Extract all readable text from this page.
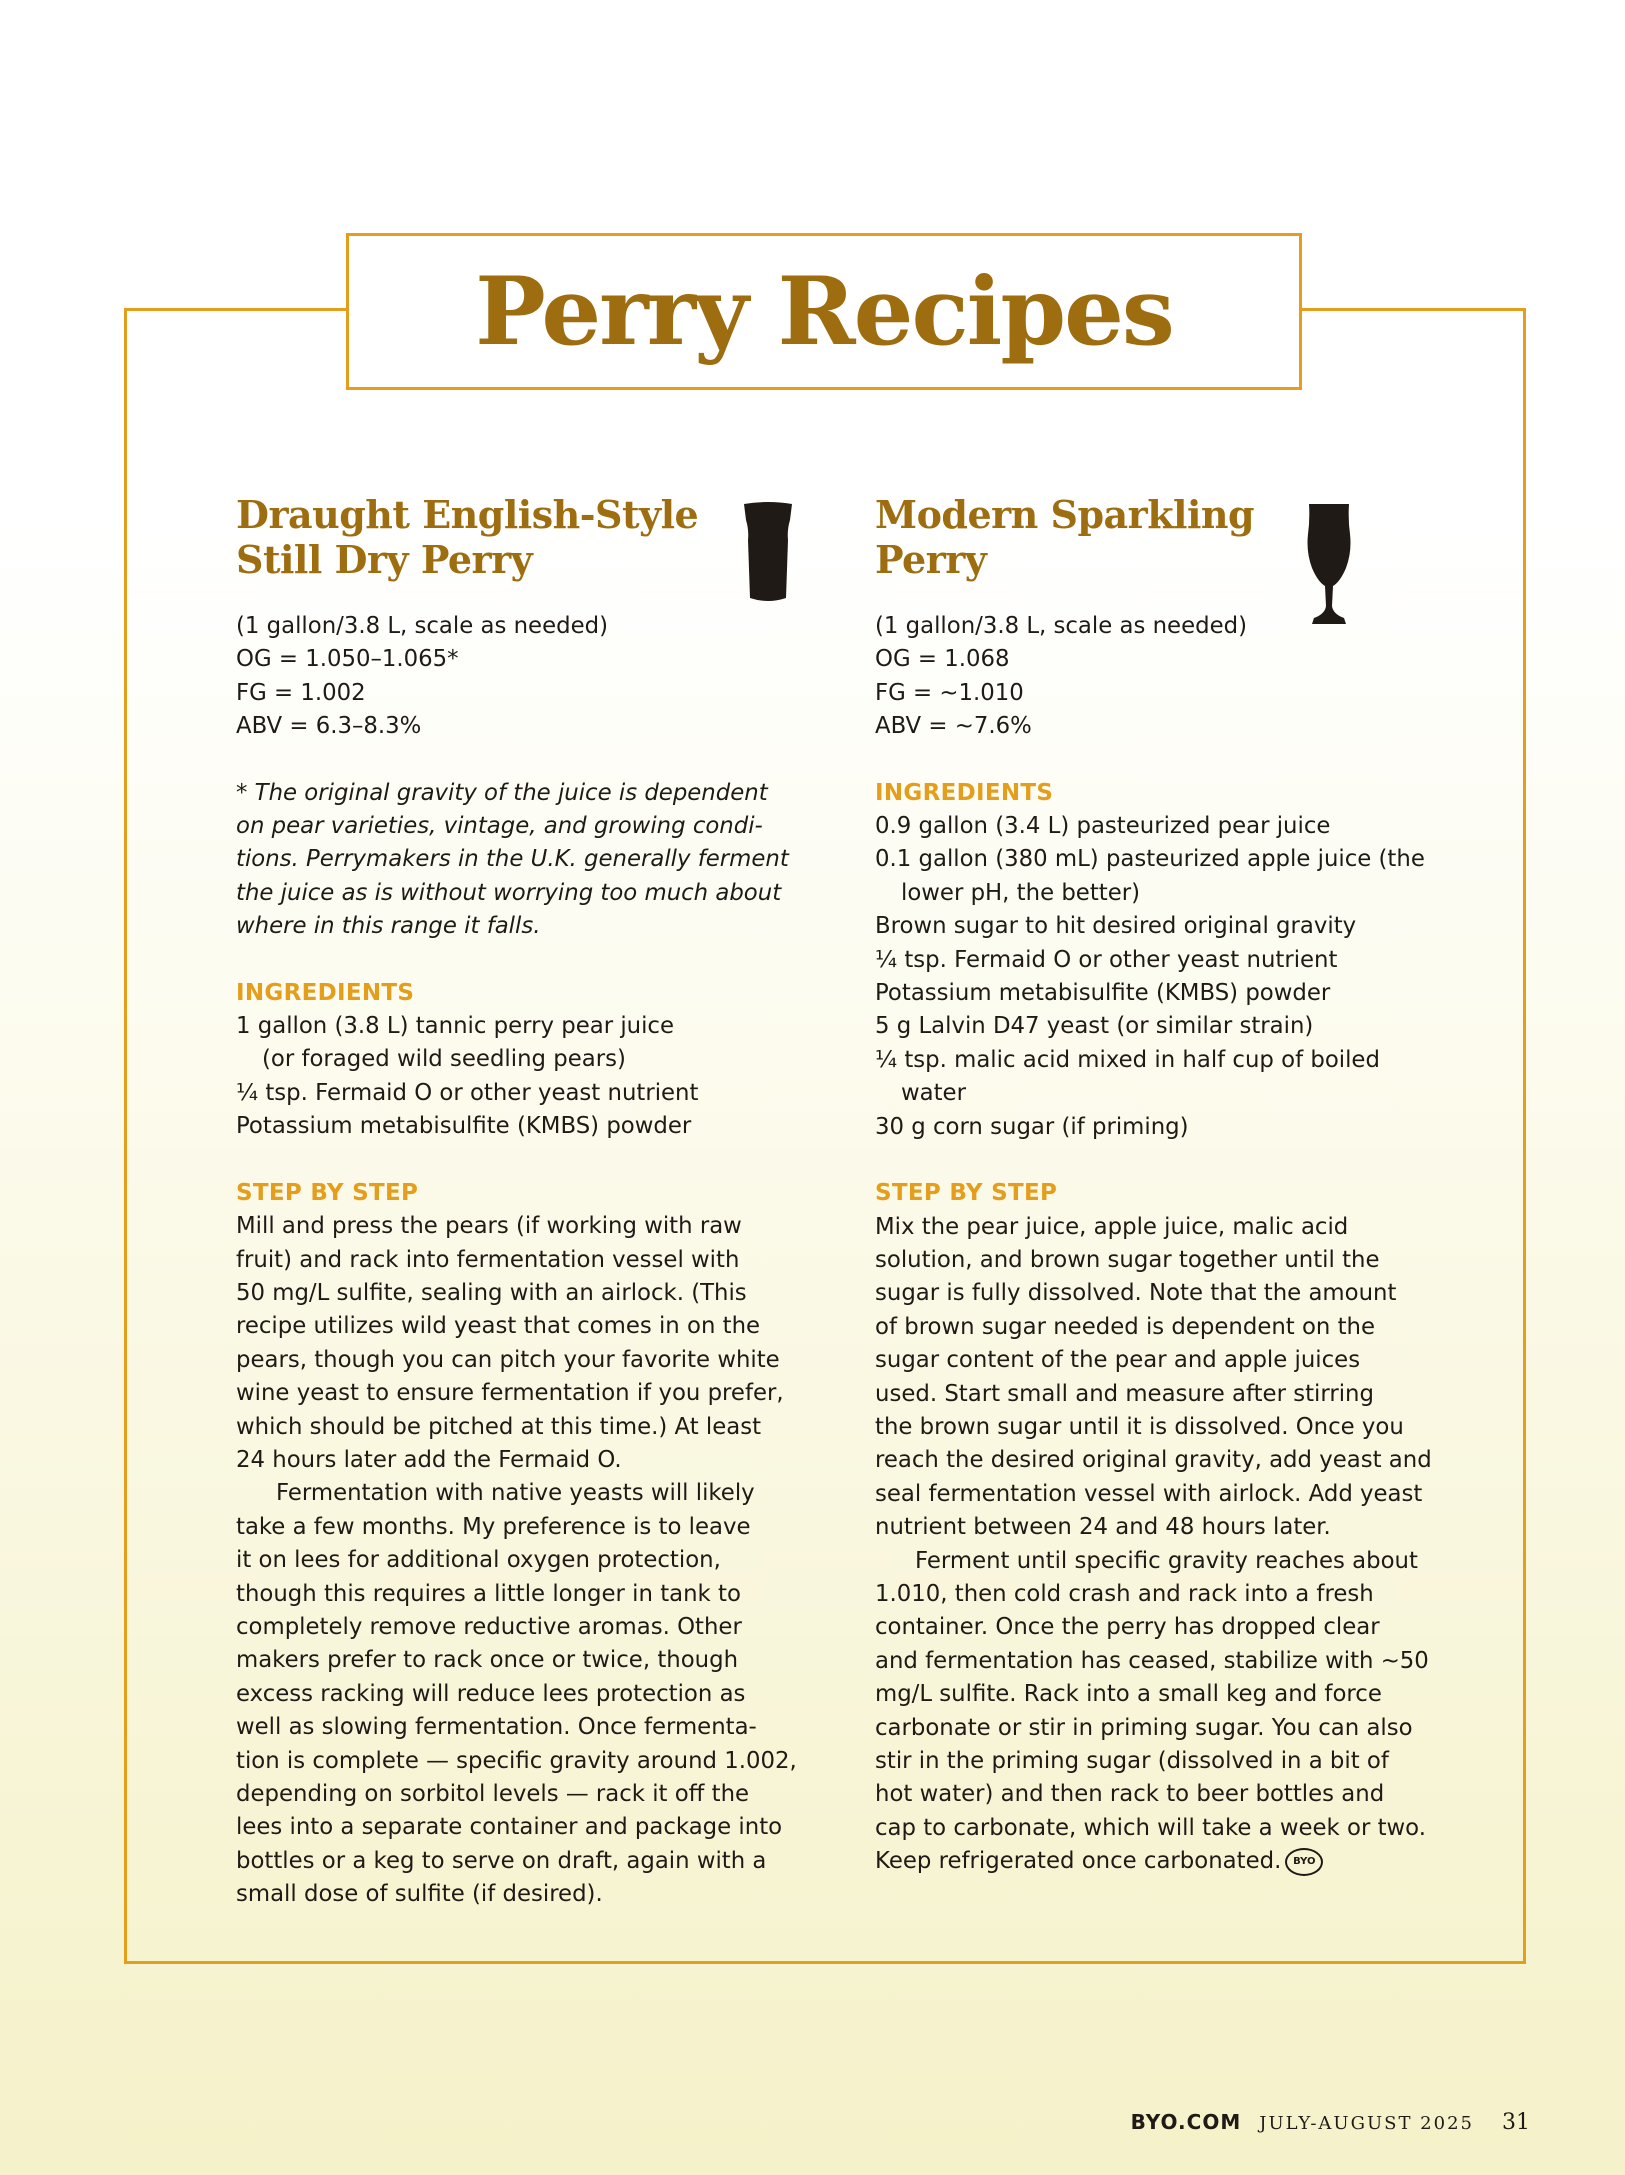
Perry Recipes
Draught English-Style
Still Dry Perry
(1 gallon/3.8 L, scale as needed)
OG = 1.050–1.065*
FG = 1.002
ABV = 6.3–8.3%
* The original gravity of the juice is dependent
on pear varieties, vintage, and growing condi-
tions. Perrymakers in the U.K. generally ferment
the juice as is without worrying too much about
where in this range it falls.
INGREDIENTS
1 gallon (3.8 L) tannic perry pear juice
(or foraged wild seedling pears)
¼ tsp. Fermaid O or other yeast nutrient
Potassium metabisulfite (KMBS) powder
STEP BY STEP
Mill and press the pears (if working with raw
fruit) and rack into fermentation vessel with
50 mg/L sulfite, sealing with an airlock. (This
recipe utilizes wild yeast that comes in on the
pears, though you can pitch your favorite white
wine yeast to ensure fermentation if you prefer,
which should be pitched at this time.) At least
24 hours later add the Fermaid O.
Fermentation with native yeasts will likely
take a few months. My preference is to leave
it on lees for additional oxygen protection,
though this requires a little longer in tank to
completely remove reductive aromas. Other
makers prefer to rack once or twice, though
excess racking will reduce lees protection as
well as slowing fermentation. Once fermenta-
tion is complete — specific gravity around 1.002,
depending on sorbitol levels — rack it off the
lees into a separate container and package into
bottles or a keg to serve on draft, again with a
small dose of sulfite (if desired).
Modern Sparkling
Perry
(1 gallon/3.8 L, scale as needed)
OG = 1.068
FG = ~1.010
ABV = ~7.6%
INGREDIENTS
0.9 gallon (3.4 L) pasteurized pear juice
0.1 gallon (380 mL) pasteurized apple juice (the
lower pH, the better)
Brown sugar to hit desired original gravity
¼ tsp. Fermaid O or other yeast nutrient
Potassium metabisulfite (KMBS) powder
5 g Lalvin D47 yeast (or similar strain)
¼ tsp. malic acid mixed in half cup of boiled
water
30 g corn sugar (if priming)
STEP BY STEP
Mix the pear juice, apple juice, malic acid
solution, and brown sugar together until the
sugar is fully dissolved. Note that the amount
of brown sugar needed is dependent on the
sugar content of the pear and apple juices
used. Start small and measure after stirring
the brown sugar until it is dissolved. Once you
reach the desired original gravity, add yeast and
seal fermentation vessel with airlock. Add yeast
nutrient between 24 and 48 hours later.
Ferment until specific gravity reaches about
1.010, then cold crash and rack into a fresh
container. Once the perry has dropped clear
and fermentation has ceased, stabilize with ~50
mg/L sulfite. Rack into a small keg and force
carbonate or stir in priming sugar. You can also
stir in the priming sugar (dissolved in a bit of
hot water) and then rack to beer bottles and
cap to carbonate, which will take a week or two.
Keep refrigerated once carbonated. BYO
BYO.COM JULY-AUGUST 2025 31
